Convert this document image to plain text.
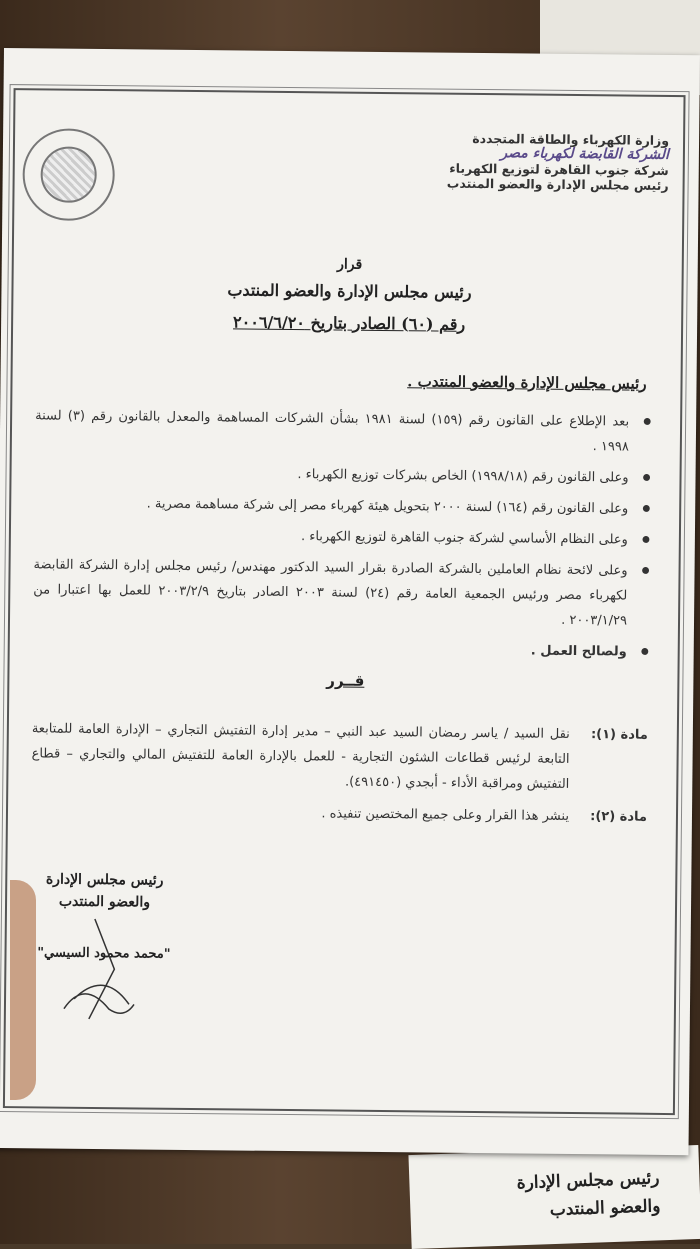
رئيس مجلس الإدارة
والعضو المنتدب
وزارة الكهرباء والطاقة المتجددة
الشركة القابضة لكهرباء مصر
شركة جنوب القاهرة لتوزيع الكهرباء
رئيس مجلس الإدارة والعضو المنتدب
قرار
رئيس مجلس الإدارة والعضو المنتدب
رقم (٦٠) الصادر بتاريخ ٢٠٠٦/٦/٢٠
رئيس مجلس الإدارة والعضو المنتدب .
● بعد الإطلاع على القانون رقم (١٥٩) لسنة ١٩٨١ بشأن الشركات المساهمة والمعدل بالقانون رقم (٣) لسنة ١٩٩٨ .
● وعلى القانون رقم (١٩٩٨/١٨) الخاص بشركات توزيع الكهرباء .
● وعلى القانون رقم (١٦٤) لسنة ٢٠٠٠ بتحويل هيئة كهرباء مصر إلى شركة مساهمة مصرية .
● وعلى النظام الأساسي لشركة جنوب القاهرة لتوزيع الكهرباء .
● وعلى لائحة نظام العاملين بالشركة الصادرة بقرار السيد الدكتور مهندس/ رئيس مجلس إدارة الشركة القابضة لكهرباء مصر ورئيس الجمعية العامة رقم (٢٤) لسنة ٢٠٠٣ الصادر بتاريخ ٢٠٠٣/٢/٩ للعمل بها اعتبارا من ٢٠٠٣/١/٢٩ .
● ولصالح العمل .
قــرر
مادة (١):
نقل السيد / ياسر رمضان السيد عبد النبي – مدير إدارة التفتيش التجاري – الإدارة العامة للمتابعة التابعة لرئيس قطاعات الشئون التجارية - للعمل بالإدارة العامة للتفتيش المالي والتجاري – قطاع التفتيش ومراقبة الأداء - أبجدي (٤٩١٤٥٠).
مادة (٢):
ينشر هذا القرار وعلى جميع المختصين تنفيذه .
رئيس مجلس الإدارة
والعضو المنتدب
"محمد محمود السيسي"
